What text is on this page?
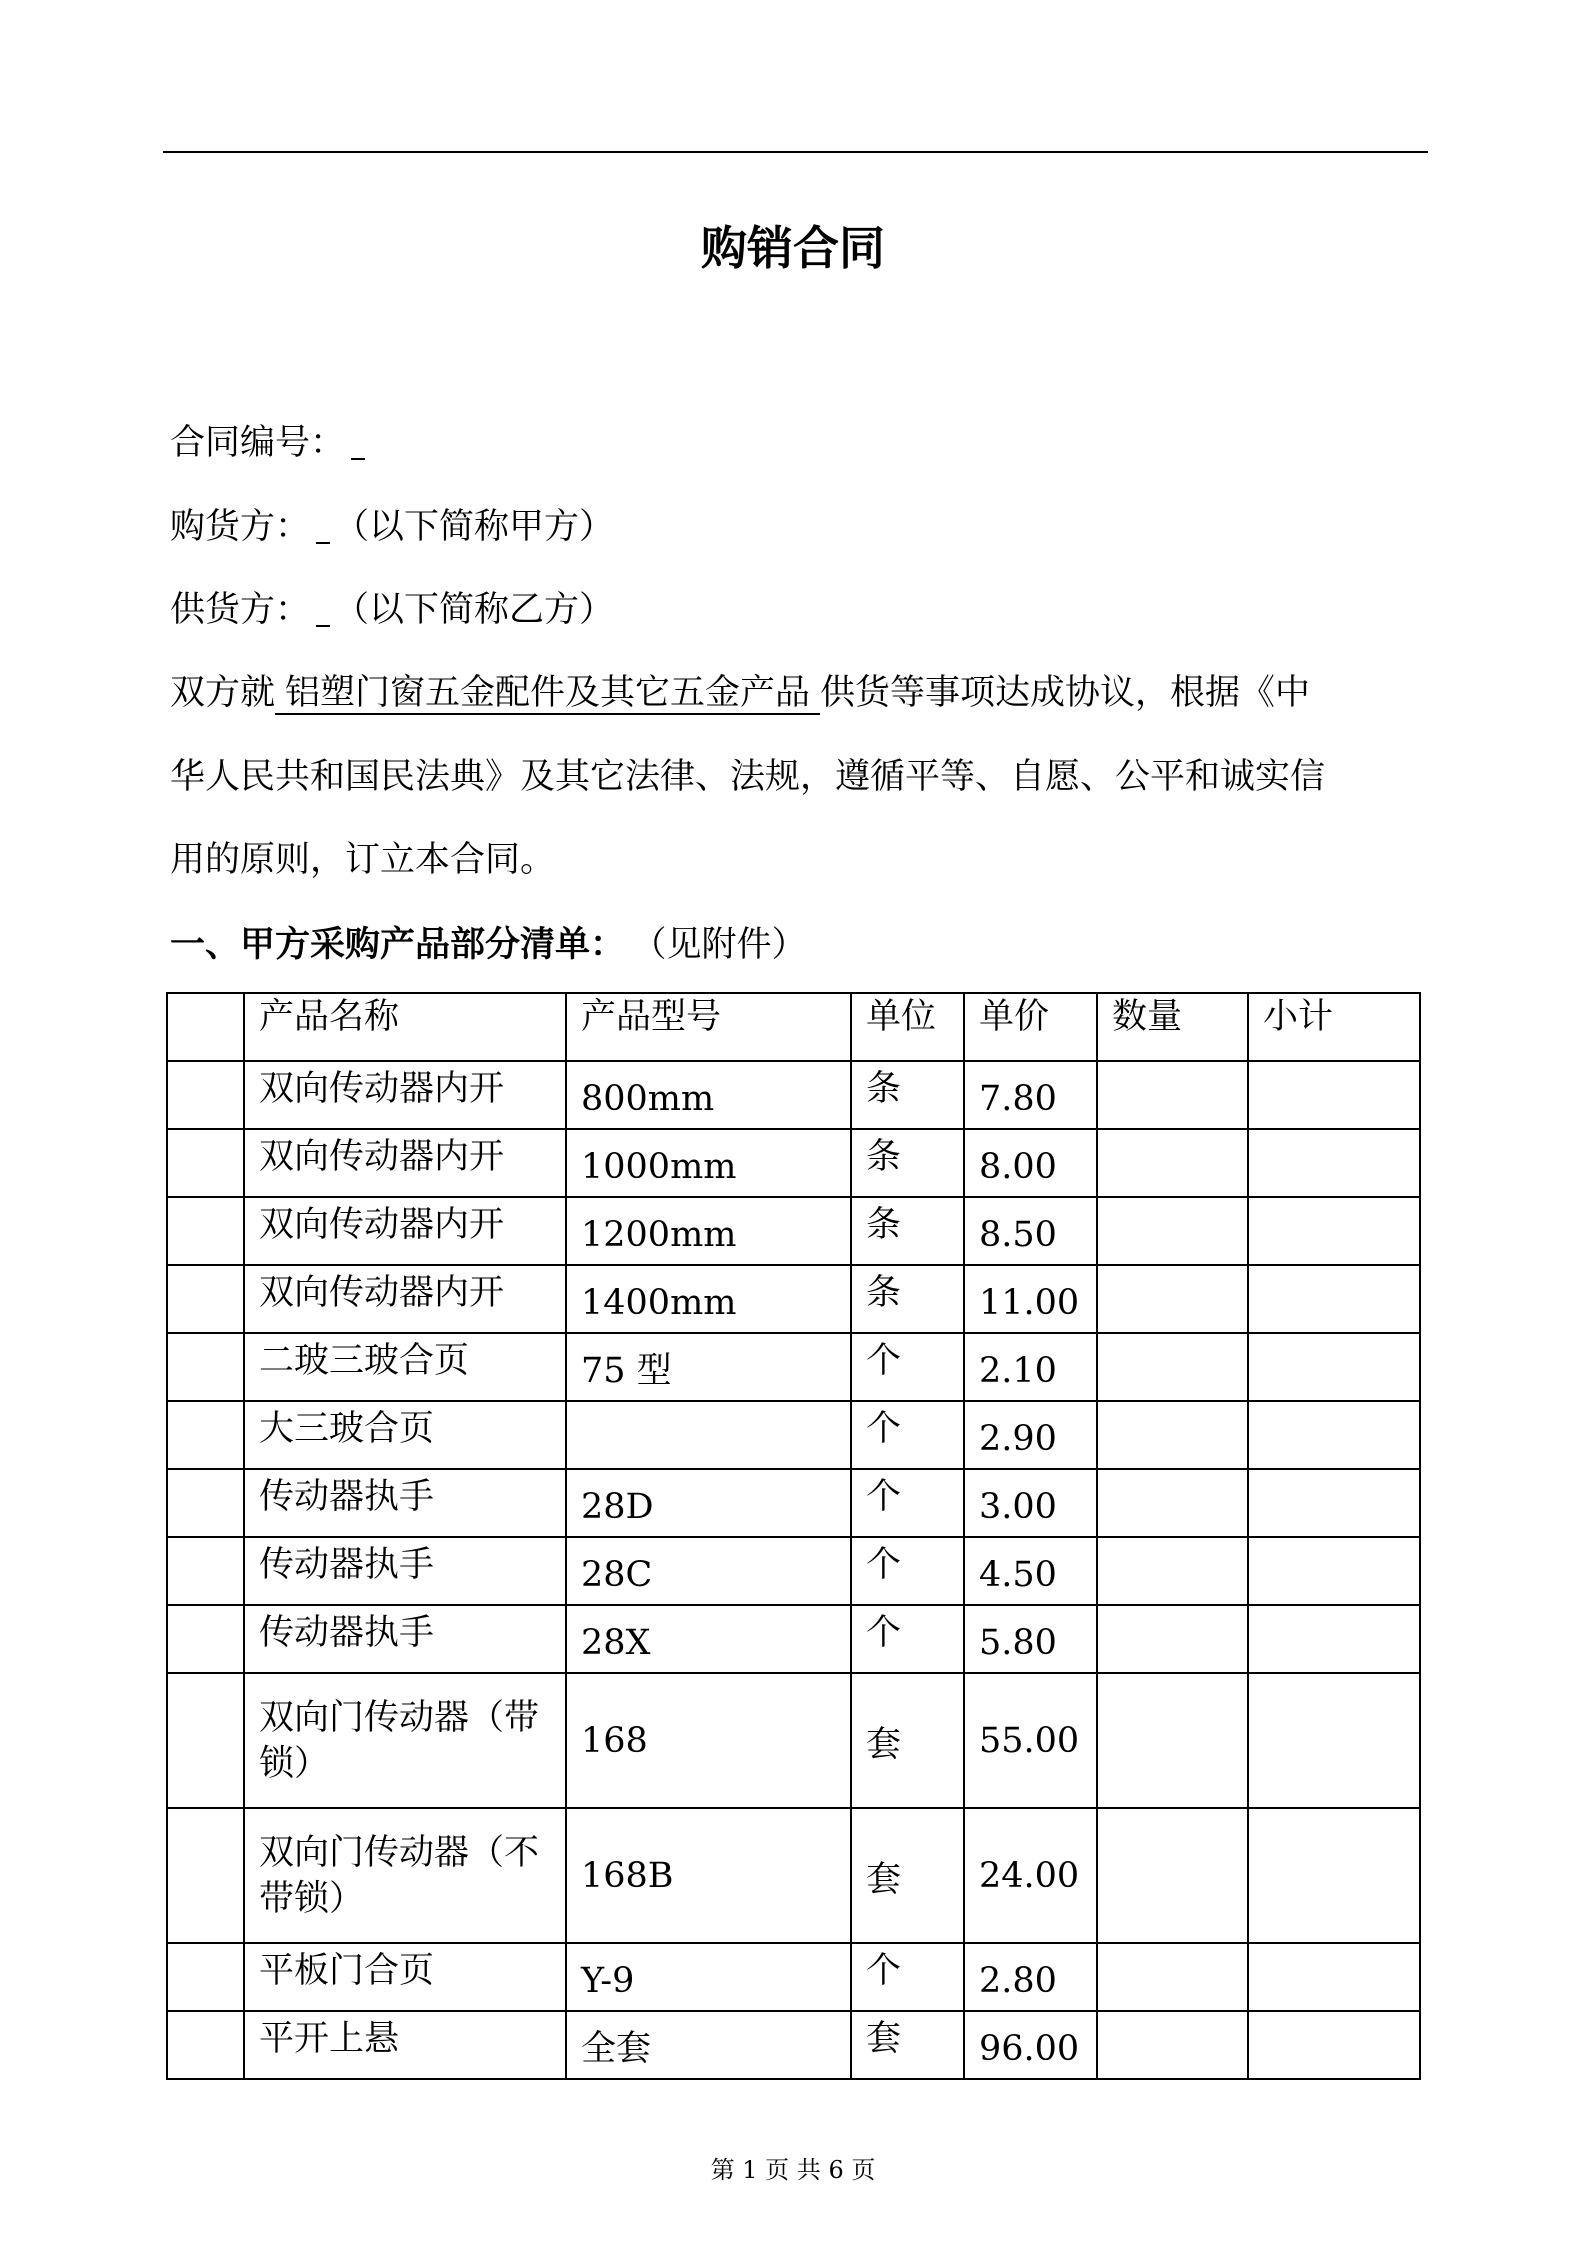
购销合同
合同编号：
购货方： （以下简称甲方）
供货方： （以下简称乙方）
双方就 铝塑门窗五金配件及其它五金产品 供货等事项达成协议，根据《中
华人民共和国民法典》及其它法律、法规，遵循平等、自愿、公平和诚实信
用的原则，订立本合同。
一、甲方采购产品部分清单： （见附件）
	产品名称	产品型号	单位	单价	数量	小计
	双向传动器内开	800mm	条	7.80		
	双向传动器内开	1000mm	条	8.00		
	双向传动器内开	1200mm	条	8.50		
	双向传动器内开	1400mm	条	11.00		
	二玻三玻合页	75 型	个	2.10		
	大三玻合页		个	2.90		
	传动器执手	28D	个	3.00		
	传动器执手	28C	个	4.50		
	传动器执手	28X	个	5.80		
	双向门传动器（带锁）	168	套	55.00		
	双向门传动器（不带锁）	168B	套	24.00		
	平板门合页	Y-9	个	2.80		
	平开上悬	全套	套	96.00		
第 1 页 共 6 页
